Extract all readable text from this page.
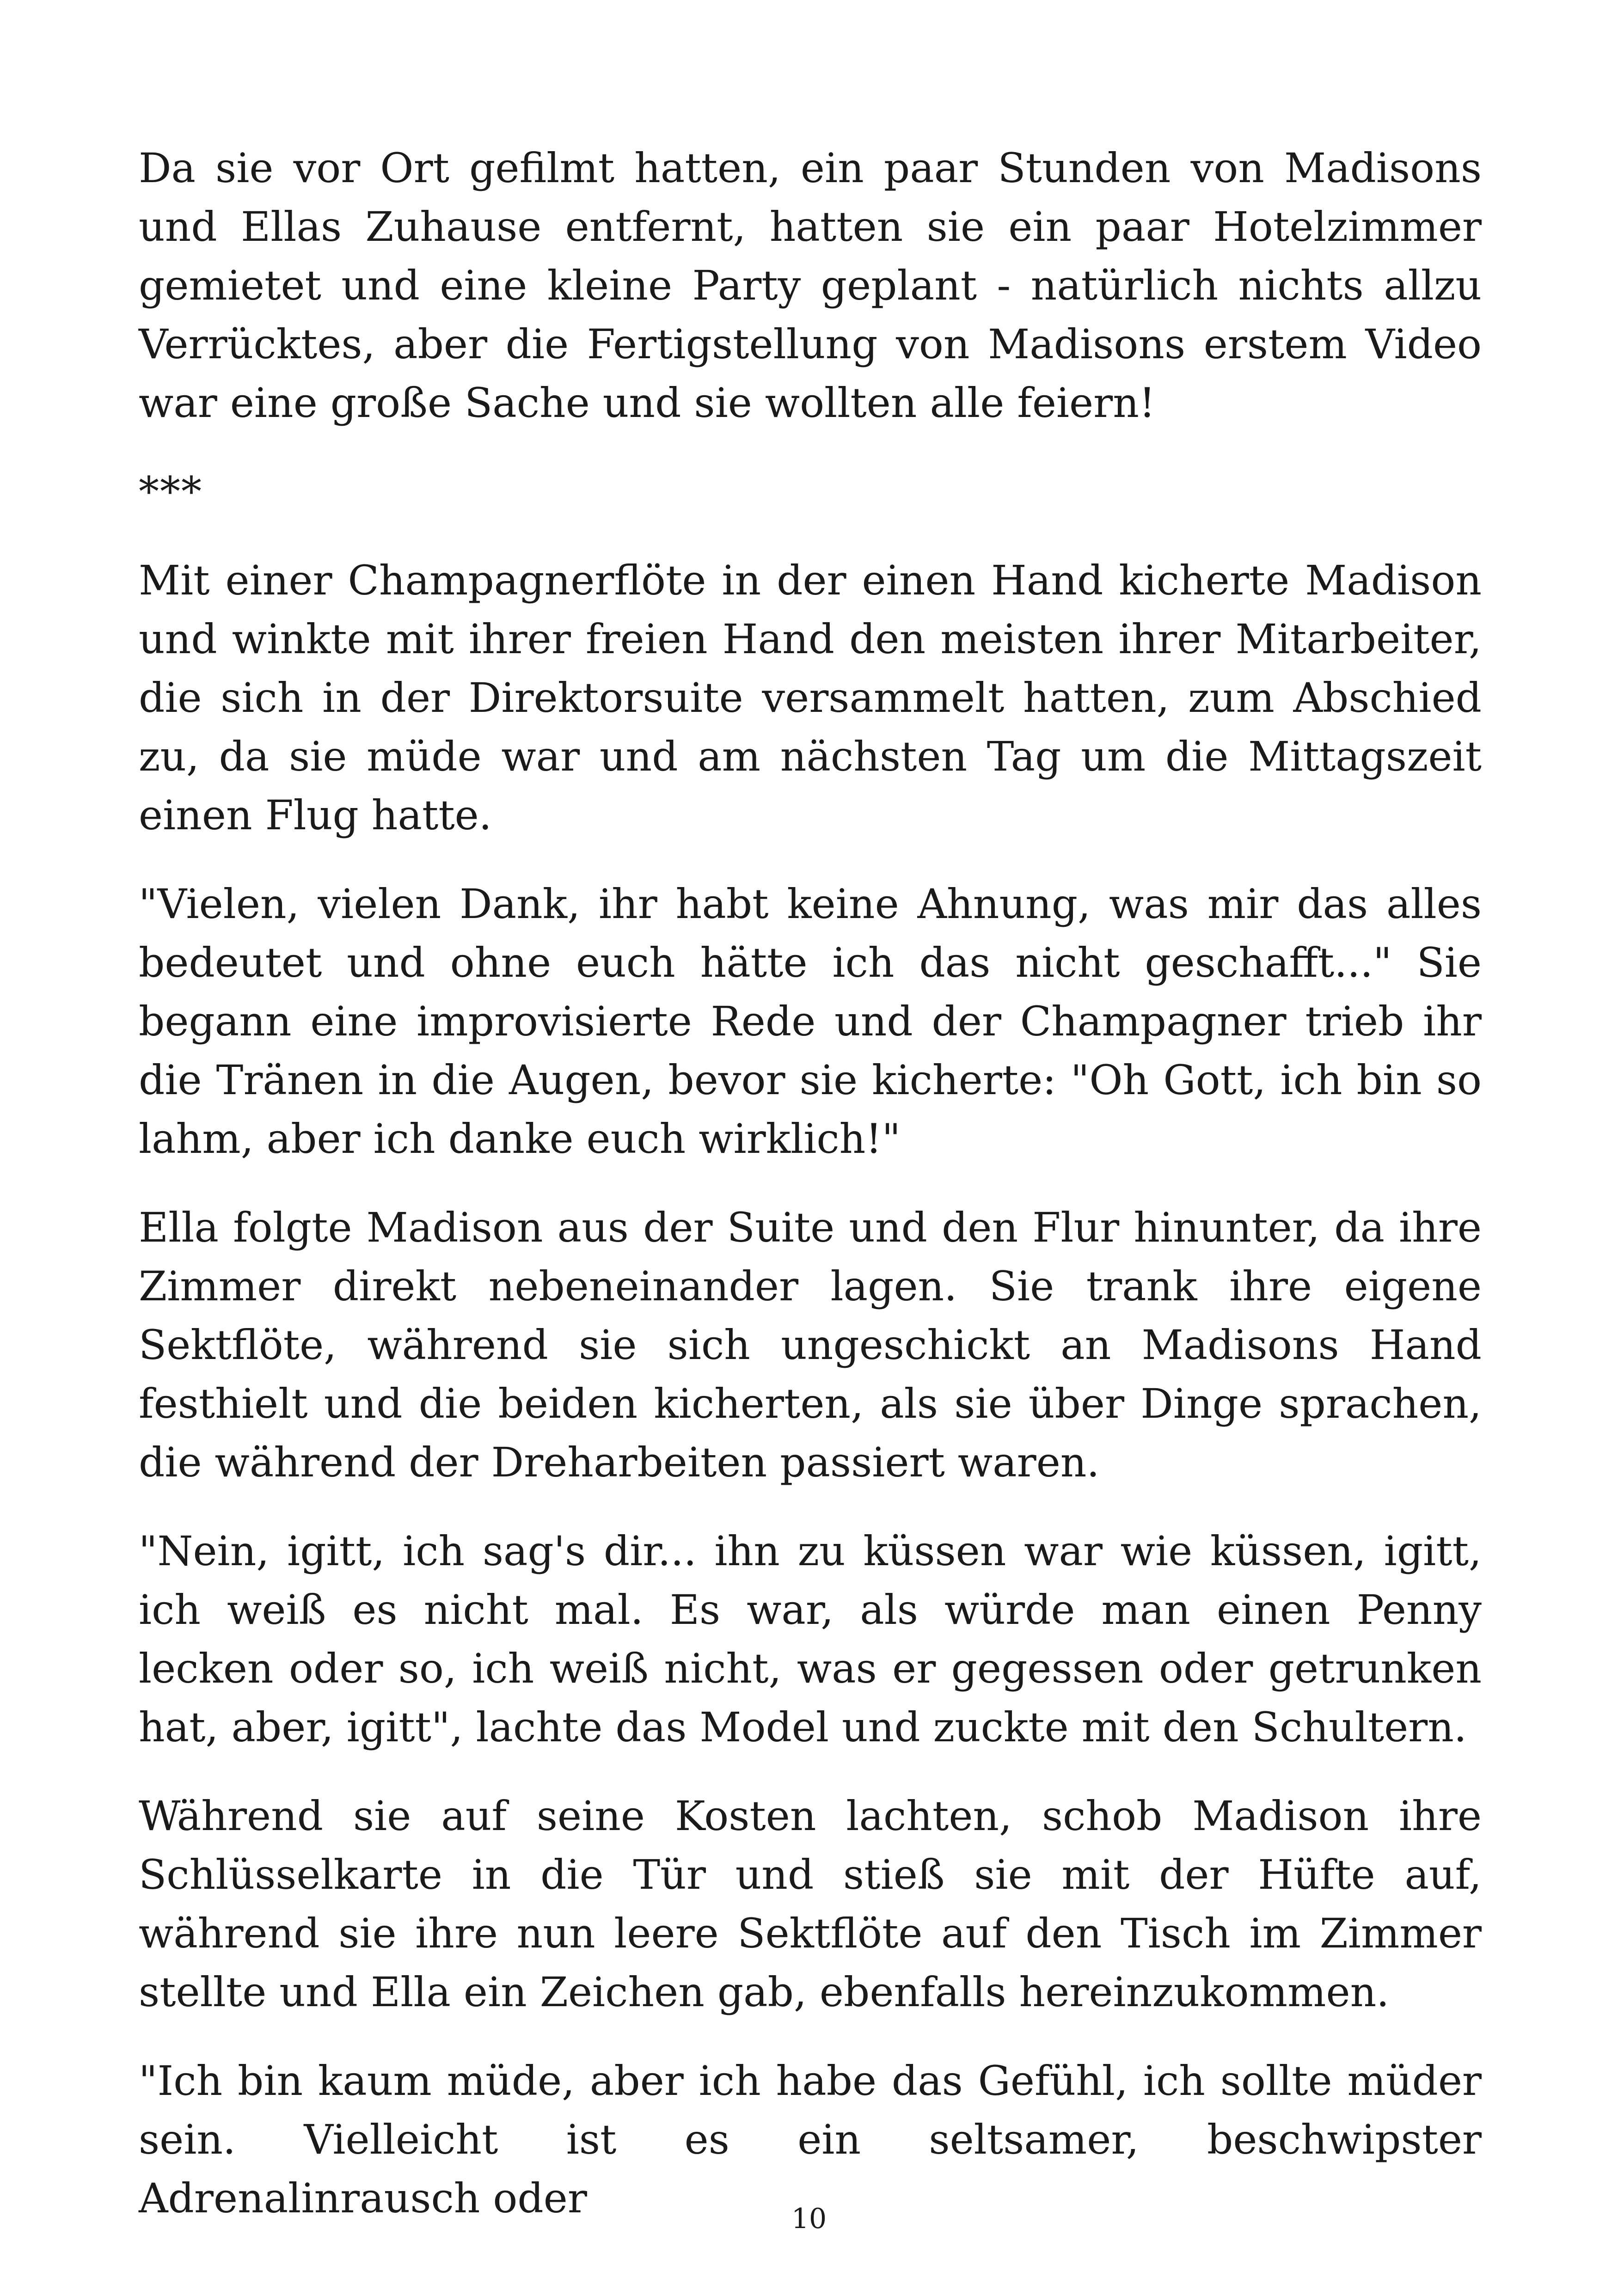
Da sie vor Ort gefilmt hatten, ein paar Stunden von Madisons und Ellas Zuhause entfernt, hatten sie ein paar Hotelzimmer gemietet und eine kleine Party geplant - natürlich nichts allzu Verrücktes, aber die Fertigstellung von Madisons erstem Video war eine große Sache und sie wollten alle feiern!

***

Mit einer Champagnerflöte in der einen Hand kicherte Madison und winkte mit ihrer freien Hand den meisten ihrer Mitarbeiter, die sich in der Direktorsuite versammelt hatten, zum Abschied zu, da sie müde war und am nächsten Tag um die Mittagszeit einen Flug hatte.

"Vielen, vielen Dank, ihr habt keine Ahnung, was mir das alles bedeutet und ohne euch hätte ich das nicht geschafft..." Sie begann eine improvisierte Rede und der Champagner trieb ihr die Tränen in die Augen, bevor sie kicherte: "Oh Gott, ich bin so lahm, aber ich danke euch wirklich!"

Ella folgte Madison aus der Suite und den Flur hinunter, da ihre Zimmer direkt nebeneinander lagen. Sie trank ihre eigene Sektflöte, während sie sich ungeschickt an Madisons Hand festhielt und die beiden kicherten, als sie über Dinge sprachen, die während der Dreharbeiten passiert waren.

"Nein, igitt, ich sag's dir... ihn zu küssen war wie küssen, igitt, ich weiß es nicht mal. Es war, als würde man einen Penny lecken oder so, ich weiß nicht, was er gegessen oder getrunken hat, aber, igitt", lachte das Model und zuckte mit den Schultern.

Während sie auf seine Kosten lachten, schob Madison ihre Schlüsselkarte in die Tür und stieß sie mit der Hüfte auf, während sie ihre nun leere Sektflöte auf den Tisch im Zimmer stellte und Ella ein Zeichen gab, ebenfalls hereinzukommen.

"Ich bin kaum müde, aber ich habe das Gefühl, ich sollte müder sein. Vielleicht ist es ein seltsamer, beschwipster Adrenalinrausch oder	10
